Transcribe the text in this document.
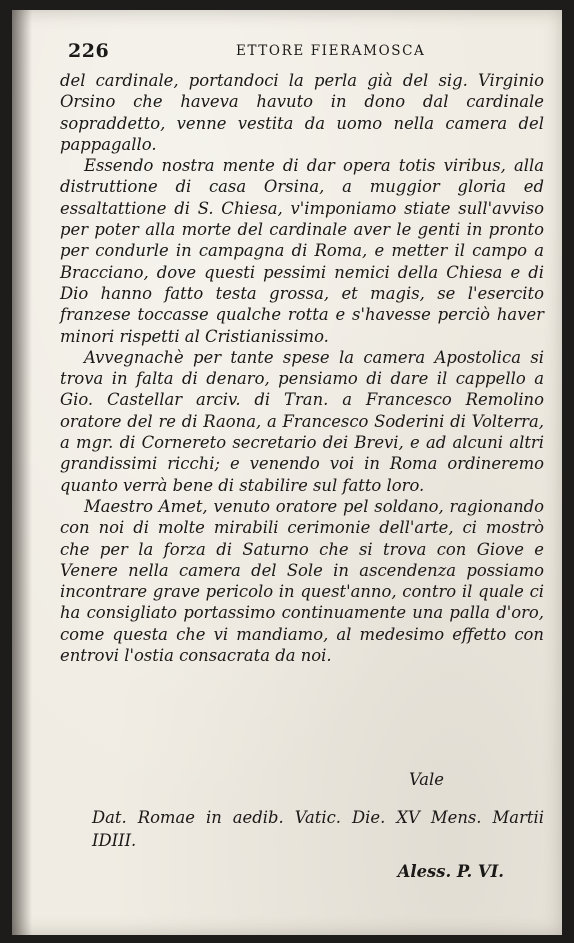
226	ETTORE FIERAMOSCA

del cardinale, portandoci la perla già del sig. Virginio Orsino che haveva havuto in dono dal cardinale sopraddetto, venne vestita da uomo nella camera del pappagallo.

Essendo nostra mente di dar opera totis viribus, alla distruttione di casa Orsina, a muggior gloria ed essaltattione di S. Chiesa, v'imponiamo stiate sull'avviso per poter alla morte del cardinale aver le genti in pronto per condurle in campagna di Roma, e metter il campo a Bracciano, dove questi pessimi nemici della Chiesa e di Dio hanno fatto testa grossa, et magis, se l'esercito franzese toccasse qualche rotta e s'havesse perciò haver minori rispetti al Cristianissimo.

Avvegnachè per tante spese la camera Apostolica si trova in falta di denaro, pensiamo di dare il cappello a Gio. Castellar arciv. di Tran. a Francesco Remolino oratore del re di Raona, a Francesco Soderini di Volterra, a mgr. di Cornereto secretario dei Brevi, e ad alcuni altri grandissimi ricchi; e venendo voi in Roma ordineremo quanto verrà bene di stabilire sul fatto loro.

Maestro Amet, venuto oratore pel soldano, ragionando con noi di molte mirabili cerimonie dell'arte, ci mostrò che per la forza di Saturno che si trova con Giove e Venere nella camera del Sole in ascendenza possiamo incontrare grave pericolo in quest'anno, contro il quale ci ha consigliato portassimo continuamente una palla d'oro, come questa che vi mandiamo, al medesimo effetto con entrovi l'ostia consacrata da noi.

Vale
Dat. Romae in aedib. Vatic. Die. XV Mens. Martii IDIII.
Aless. P. VI.
